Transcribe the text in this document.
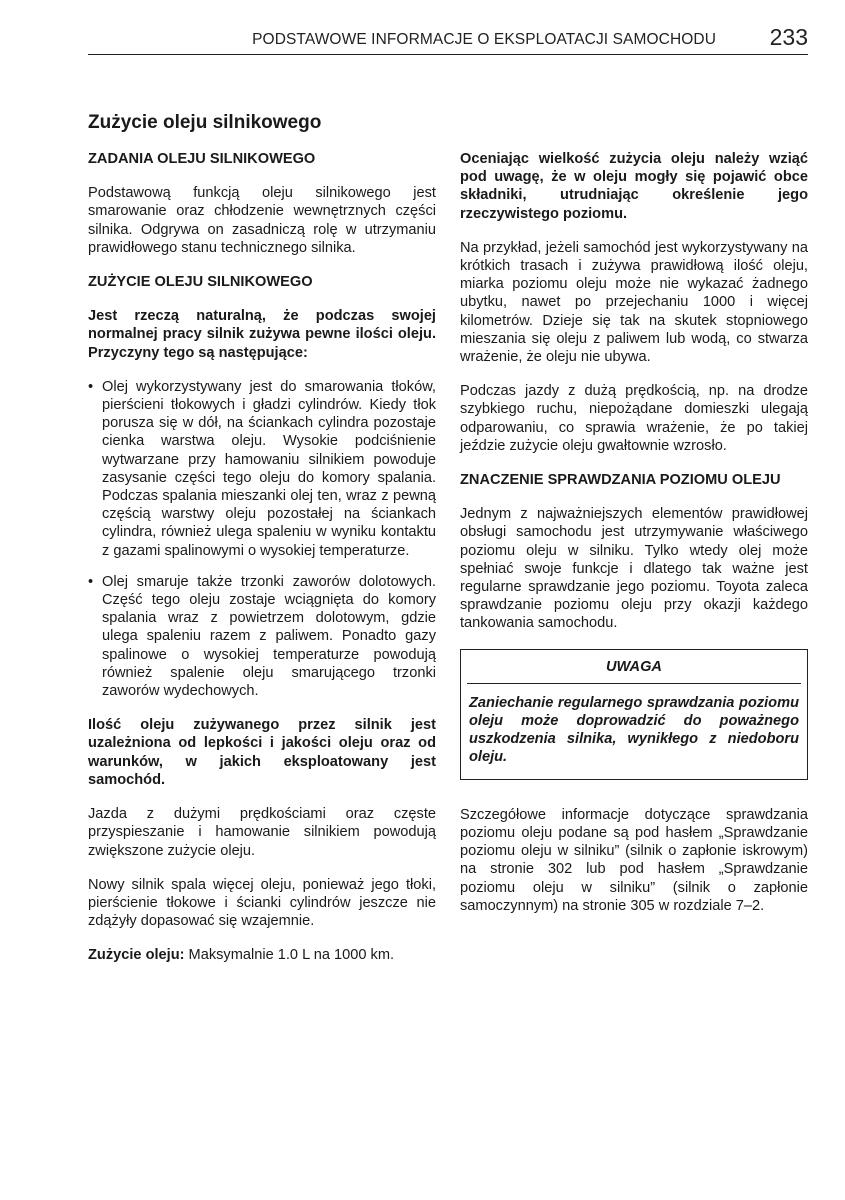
PODSTAWOWE INFORMACJE O EKSPLOATACJI SAMOCHODU 233
Zużycie oleju silnikowego
ZADANIA OLEJU SILNIKOWEGO

Podstawową funkcją oleju silnikowego jest smarowanie oraz chłodzenie wewnętrznych części silnika. Odgrywa on zasadniczą rolę w utrzymaniu prawidłowego stanu technicznego silnika.

ZUŻYCIE OLEJU SILNIKOWEGO

Jest rzeczą naturalną, że podczas swojej normalnej pracy silnik zużywa pewne ilości oleju. Przyczyny tego są następujące:

• Olej wykorzystywany jest do smarowania tłoków, pierścieni tłokowych i gładzi cylindrów. Kiedy tłok porusza się w dół, na ściankach cylindra pozostaje cienka warstwa oleju. Wysokie podciśnienie wytwarzane przy hamowaniu silnikiem powoduje zasysanie części tego oleju do komory spalania. Podczas spalania mieszanki olej ten, wraz z pewną częścią warstwy oleju pozostałej na ściankach cylindra, również ulega spaleniu w wyniku kontaktu z gazami spalinowymi o wysokiej temperaturze.
• Olej smaruje także trzonki zaworów dolotowych. Część tego oleju zostaje wciągnięta do komory spalania wraz z powietrzem dolotowym, gdzie ulega spaleniu razem z paliwem. Ponadto gazy spalinowe o wysokiej temperaturze powodują również spalenie oleju smarującego trzonki zaworów wydechowych.

Ilość oleju zużywanego przez silnik jest uzależniona od lepkości i jakości oleju oraz od warunków, w jakich eksploatowany jest samochód.

Jazda z dużymi prędkościami oraz częste przyspieszanie i hamowanie silnikiem powodują zwiększone zużycie oleju.

Nowy silnik spala więcej oleju, ponieważ jego tłoki, pierścienie tłokowe i ścianki cylindrów jeszcze nie zdążyły dopasować się wzajemnie.

Zużycie oleju: Maksymalnie 1.0 L na 1000 km.

Oceniając wielkość zużycia oleju należy wziąć pod uwagę, że w oleju mogły się pojawić obce składniki, utrudniając określenie jego rzeczywistego poziomu.

Na przykład, jeżeli samochód jest wykorzystywany na krótkich trasach i zużywa prawidłową ilość oleju, miarka poziomu oleju może nie wykazać żadnego ubytku, nawet po przejechaniu 1000 i więcej kilometrów. Dzieje się tak na skutek stopniowego mieszania się oleju z paliwem lub wodą, co stwarza wrażenie, że oleju nie ubywa.

Podczas jazdy z dużą prędkością, np. na drodze szybkiego ruchu, niepożądane domieszki ulegają odparowaniu, co sprawia wrażenie, że po takiej jeździe zużycie oleju gwałtownie wzrosło.

ZNACZENIE SPRAWDZANIA POZIOMU OLEJU

Jednym z najważniejszych elementów prawidłowej obsługi samochodu jest utrzymywanie właściwego poziomu oleju w silniku. Tylko wtedy olej może spełniać swoje funkcje i dlatego tak ważne jest regularne sprawdzanie jego poziomu. Toyota zaleca sprawdzanie poziomu oleju przy okazji każdego tankowania samochodu.

UWAGA
Zaniechanie regularnego sprawdzania poziomu oleju może doprowadzić do poważnego uszkodzenia silnika, wynikłego z niedoboru oleju.

Szczegółowe informacje dotyczące sprawdzania poziomu oleju podane są pod hasłem „Sprawdzanie poziomu oleju w silniku” (silnik o zapłonie iskrowym) na stronie 302 lub pod hasłem „Sprawdzanie poziomu oleju w silniku” (silnik o zapłonie samoczynnym) na stronie 305 w rozdziale 7–2.
